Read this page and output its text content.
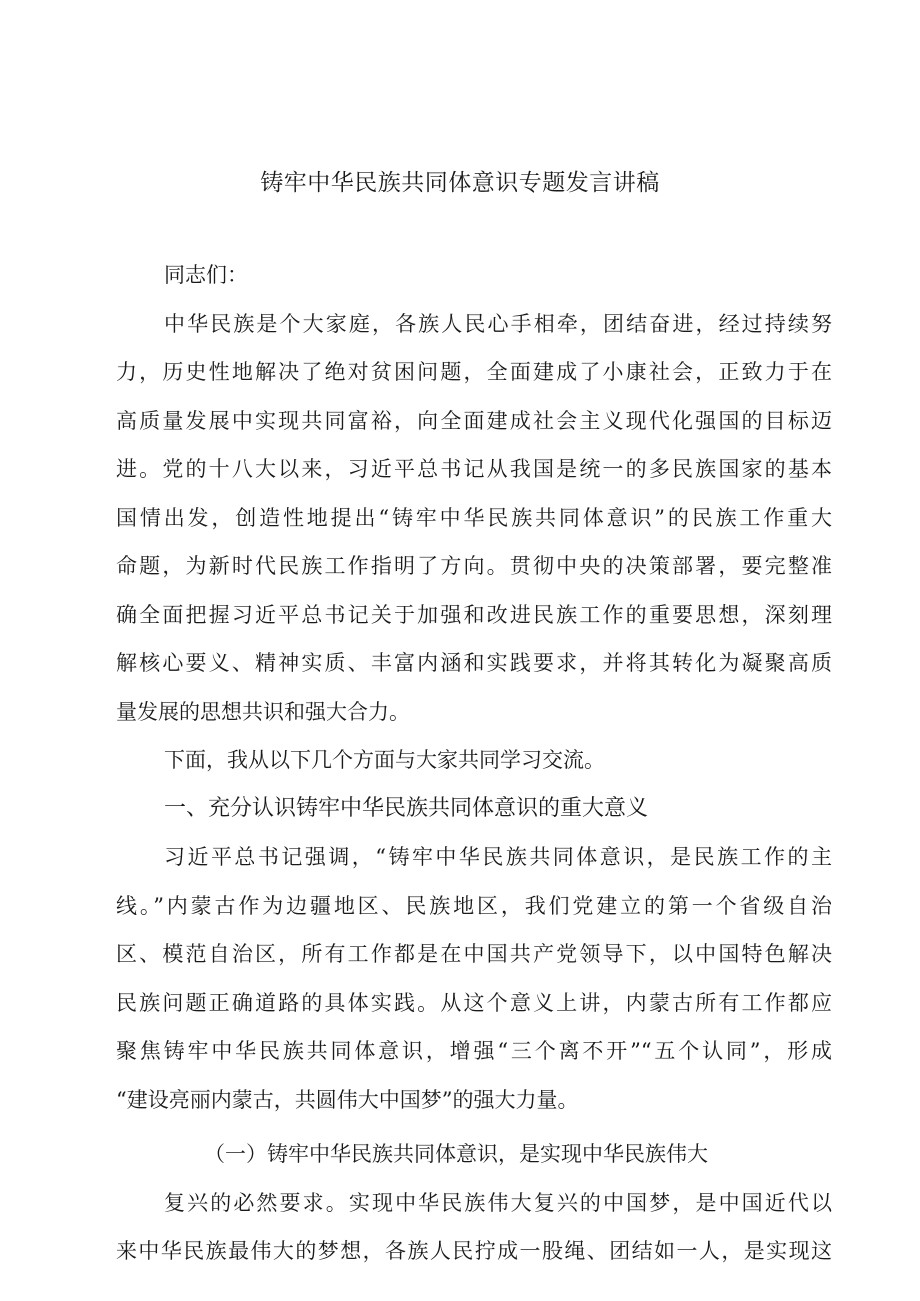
铸牢中华民族共同体意识专题发言讲稿
同志们：
中华民族是个大家庭，各族人民心手相牵，团结奋进，经过持续努
力，历史性地解决了绝对贫困问题，全面建成了小康社会，正致力于在
高质量发展中实现共同富裕，向全面建成社会主义现代化强国的目标迈
进。党的十八大以来，习近平总书记从我国是统一的多民族国家的基本
国情出发，创造性地提出“铸牢中华民族共同体意识”的民族工作重大
命题，为新时代民族工作指明了方向。贯彻中央的决策部署，要完整准
确全面把握习近平总书记关于加强和改进民族工作的重要思想，深刻理
解核心要义、精神实质、丰富内涵和实践要求，并将其转化为凝聚高质
量发展的思想共识和强大合力。
下面，我从以下几个方面与大家共同学习交流。
一、充分认识铸牢中华民族共同体意识的重大意义
习近平总书记强调，“铸牢中华民族共同体意识，是民族工作的主
线。”内蒙古作为边疆地区、民族地区，我们党建立的第一个省级自治
区、模范自治区，所有工作都是在中国共产党领导下，以中国特色解决
民族问题正确道路的具体实践。从这个意义上讲，内蒙古所有工作都应
聚焦铸牢中华民族共同体意识，增强“三个离不开”“五个认同”，形成
“建设亮丽内蒙古，共圆伟大中国梦”的强大力量。
（一）铸牢中华民族共同体意识，是实现中华民族伟大
复兴的必然要求。实现中华民族伟大复兴的中国梦，是中国近代以
来中华民族最伟大的梦想，各族人民拧成一股绳、团结如一人，是实现这
